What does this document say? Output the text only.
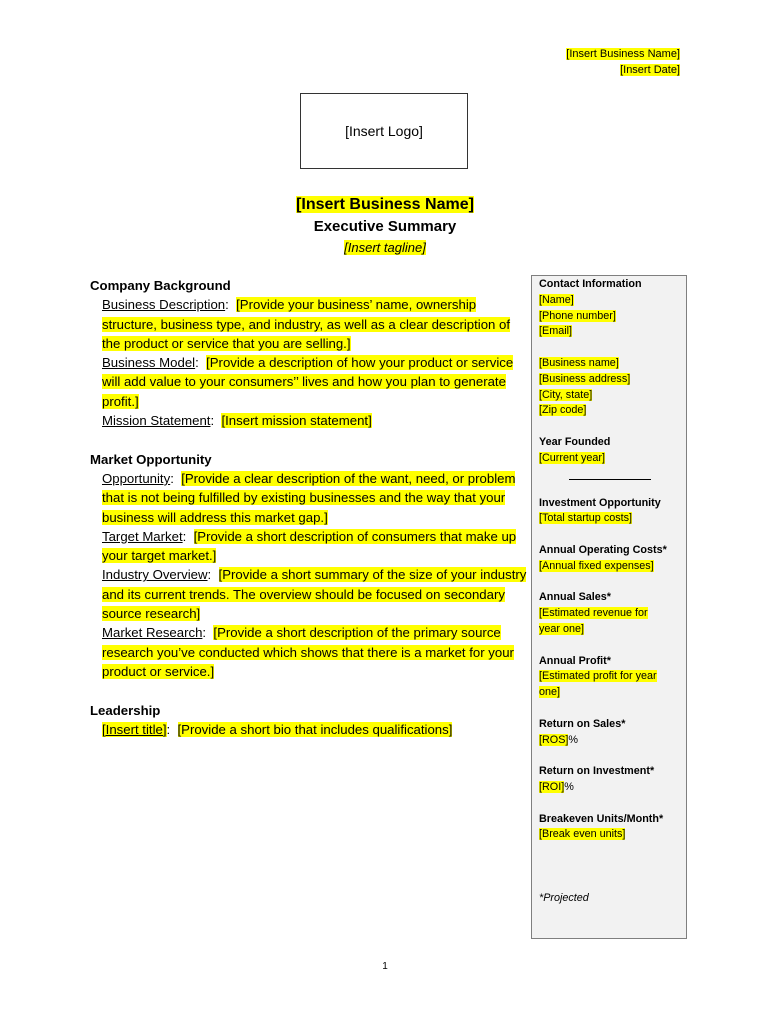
[Insert Business Name]
[Insert Date]
[Insert Logo]
[Insert Business Name]
Executive Summary
[Insert tagline]
Company Background
Business Description:  [Provide your business’ name, ownership structure, business type, and industry, as well as a clear description of the product or service that you are selling.]
Business Model:  [Provide a description of how your product or service will add value to your consumers’’ lives and how you plan to generate profit.]
Mission Statement:  [Insert mission statement]
Market Opportunity
Opportunity:  [Provide a clear description of the want, need, or problem that is not being fulfilled by existing businesses and the way that your business will address this market gap.]
Target Market:  [Provide a short description of consumers that make up your target market.]
Industry Overview:  [Provide a short summary of the size of your industry and its current trends. The overview should be focused on secondary source research]
Market Research:  [Provide a short description of the primary source research you’ve conducted which shows that there is a market for your product or service.]
Leadership
[Insert title]:  [Provide a short bio that includes qualifications]
Contact Information
[Name]
[Phone number]
[Email]
[Business name]
[Business address]
[City, state]
[Zip code]
Year Founded
[Current year]
Investment Opportunity
[Total startup costs]
Annual Operating Costs*
[Annual fixed expenses]
Annual Sales*
[Estimated revenue for
year one]
Annual Profit*
[Estimated profit for year
one]
Return on Sales*
[ROS]%
Return on Investment*
[ROI]%
Breakeven Units/Month*
[Break even units]
*Projected
1
